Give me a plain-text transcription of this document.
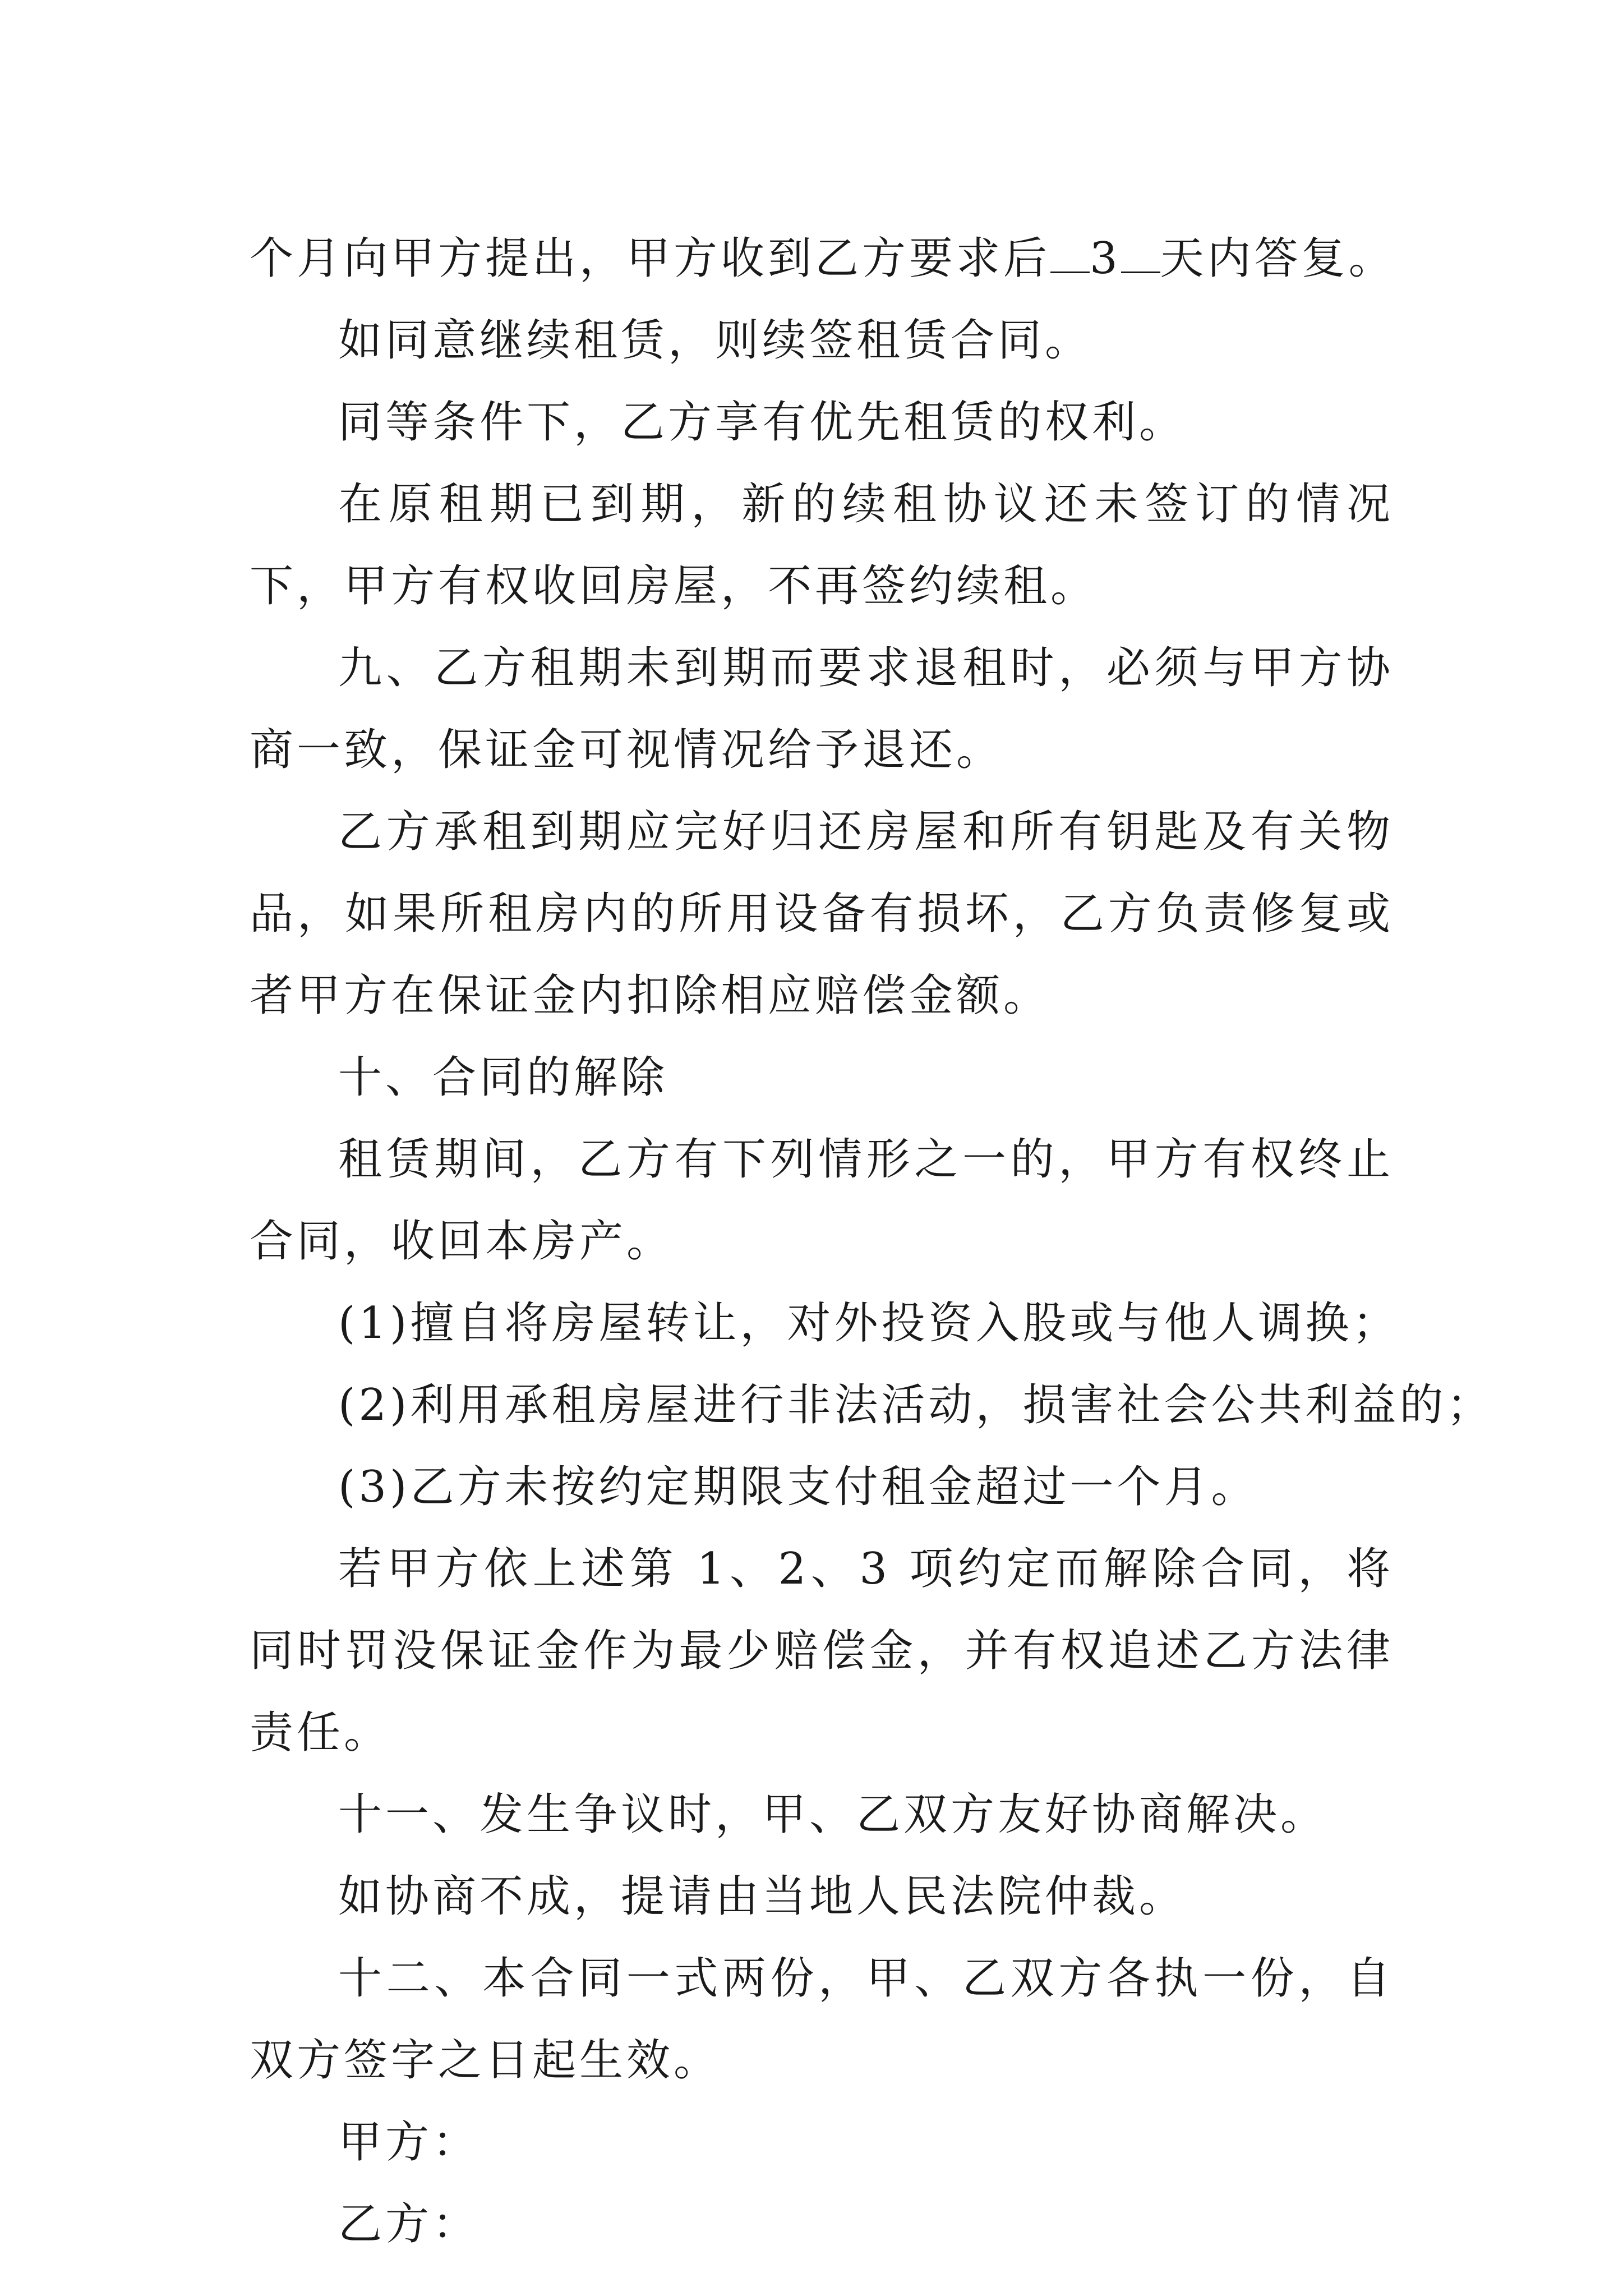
个月向甲方提出，甲方收到乙方要求后 3 天内答复。

如同意继续租赁，则续签租赁合同。

同等条件下，乙方享有优先租赁的权利。

在原租期已到期，新的续租协议还未签订的情况下，甲方有权收回房屋，不再签约续租。

九、乙方租期未到期而要求退租时，必须与甲方协商一致，保证金可视情况给予退还。

乙方承租到期应完好归还房屋和所有钥匙及有关物品，如果所租房内的所用设备有损坏，乙方负责修复或者甲方在保证金内扣除相应赔偿金额。

十、合同的解除

租赁期间，乙方有下列情形之一的，甲方有权终止合同，收回本房产。

(1)擅自将房屋转让，对外投资入股或与他人调换；

(2)利用承租房屋进行非法活动，损害社会公共利益的；

(3)乙方未按约定期限支付租金超过一个月。

若甲方依上述第 1、2、3 项约定而解除合同，将同时罚没保证金作为最少赔偿金，并有权追述乙方法律责任。

十一、发生争议时，甲、乙双方友好协商解决。

如协商不成，提请由当地人民法院仲裁。

十二、本合同一式两份，甲、乙双方各执一份，自双方签字之日起生效。

甲方：

乙方：
